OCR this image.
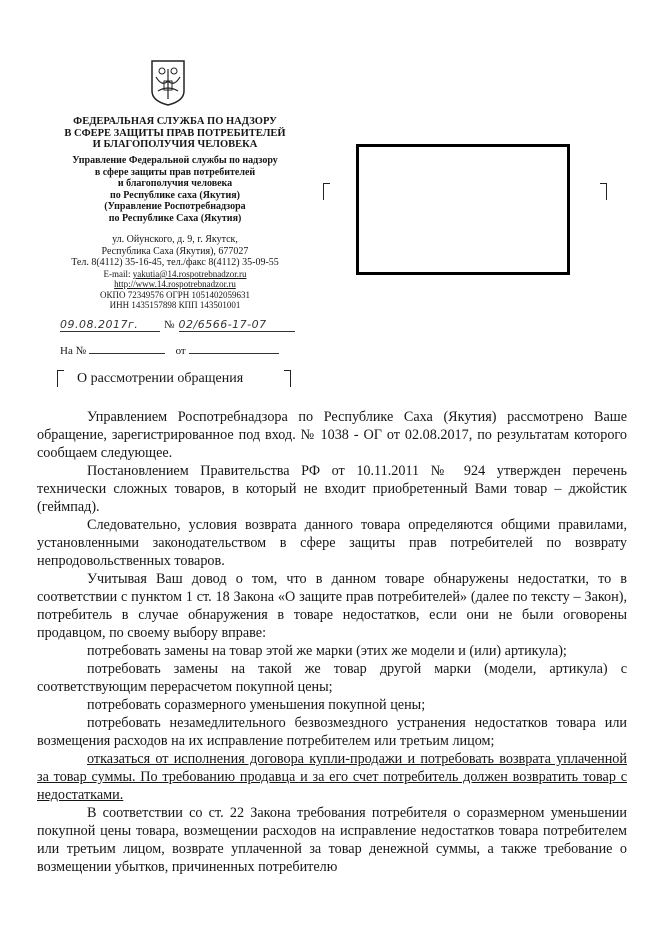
ФЕДЕРАЛЬНАЯ СЛУЖБА ПО НАДЗОРУ
В СФЕРЕ ЗАЩИТЫ ПРАВ ПОТРЕБИТЕЛЕЙ
И БЛАГОПОЛУЧИЯ ЧЕЛОВЕКА
Управление Федеральной службы по надзору
в сфере защиты прав потребителей
и благополучия человека
по Республике саха (Якутия)
(Управление Роспотребнадзора
по Республике Саха (Якутия)
ул. Ойунского, д. 9, г. Якутск,
Республика Саха (Якутия), 677027
Тел. 8(4112) 35-16-45, тел./факс 8(4112) 35-09-55
E-mail: yakutia@14.rospotrebnadzor.ru
http://www.14.rospotrebnadzor.ru
ОКПО 72349576 ОГРН 1051402059631
ИНН 1435157898 КПП 143501001
09.08.2017г. № 02/6566-17-07
На №	от
О рассмотрении обращения

Управлением Роспотребнадзора по Республике Саха (Якутия) рассмотрено Ваше обращение, зарегистрированное под вход. № 1038 - ОГ от 02.08.2017, по результатам которого сообщаем следующее.

Постановлением Правительства РФ от 10.11.2011 № 924 утвержден перечень технически сложных товаров, в который не входит приобретенный Вами товар – джойстик (геймпад).

Следовательно, условия возврата данного товара определяются общими правилами, установленными законодательством в сфере защиты прав потребителей по возврату непродовольственных товаров.

Учитывая Ваш довод о том, что в данном товаре обнаружены недостатки, то в соответствии с пунктом 1 ст. 18 Закона «О защите прав потребителей» (далее по тексту – Закон), потребитель в случае обнаружения в товаре недостатков, если они не были оговорены продавцом, по своему выбору вправе:

потребовать замены на товар этой же марки (этих же модели и (или) артикула);

потребовать замены на такой же товар другой марки (модели, артикула) с соответствующим перерасчетом покупной цены;

потребовать соразмерного уменьшения покупной цены;

потребовать незамедлительного безвозмездного устранения недостатков товара или возмещения расходов на их исправление потребителем или третьим лицом;

отказаться от исполнения договора купли-продажи и потребовать возврата уплаченной за товар суммы. По требованию продавца и за его счет потребитель должен возвратить товар с недостатками.

В соответствии со ст. 22 Закона требования потребителя о соразмерном уменьшении покупной цены товара, возмещении расходов на исправление недостатков товара потребителем или третьим лицом, возврате уплаченной за товар денежной суммы, а также требование о возмещении убытков, причиненных потребителю
